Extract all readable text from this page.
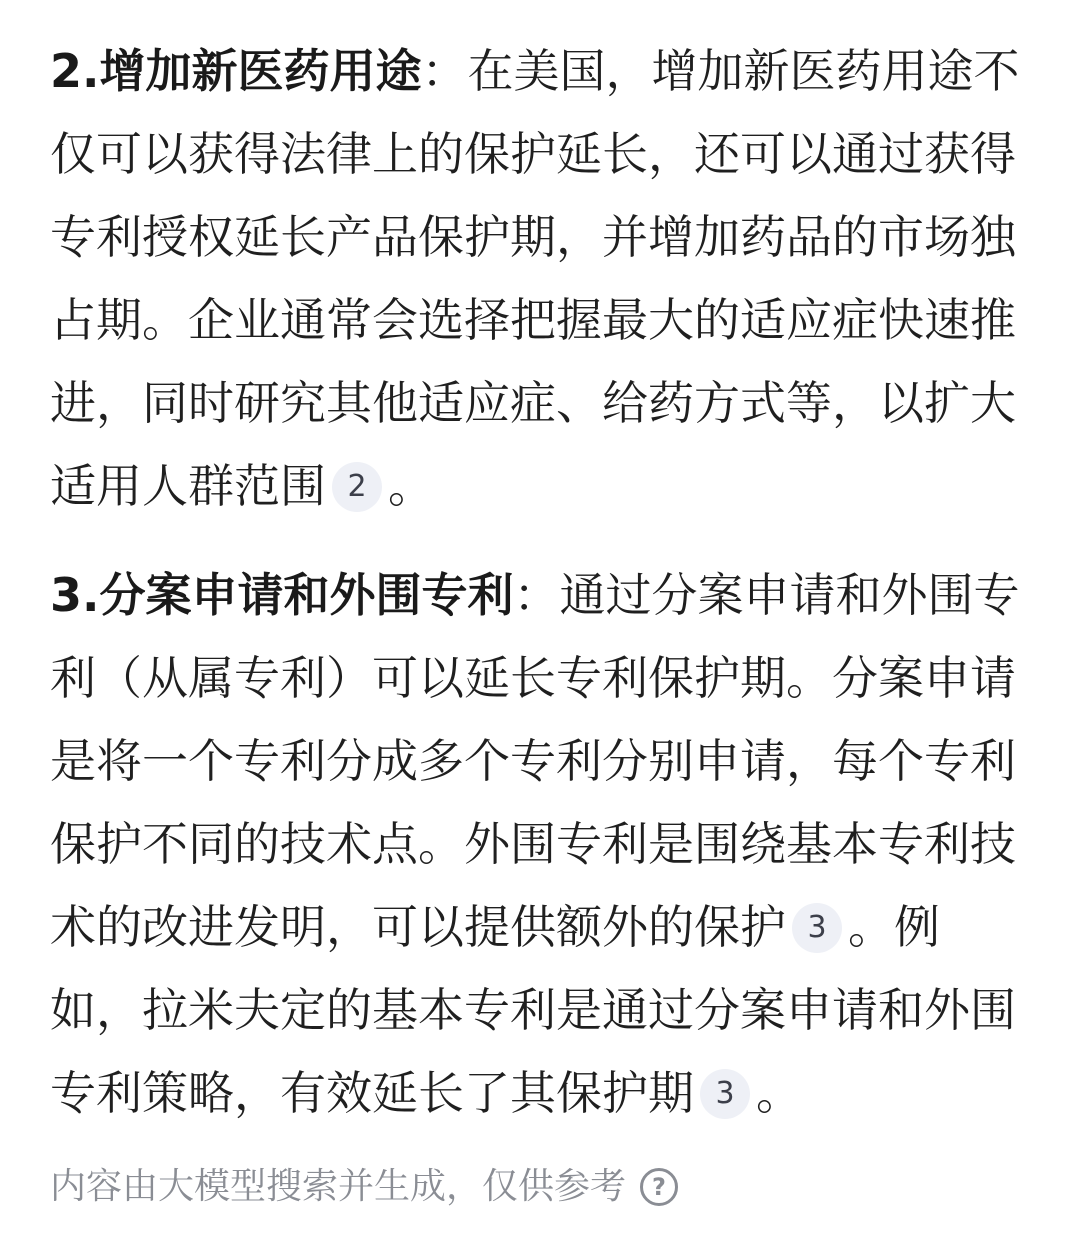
2.增加新医药用途：在美国，增加新医药用途不仅可以获得法律上的保护延长，还可以通过获得专利授权延长产品保护期，并增加药品的市场独占期。企业通常会选择把握最大的适应症快速推进，同时研究其他适应症、给药方式等，以扩大适用人群范围 2 。

3.分案申请和外围专利：通过分案申请和外围专利（从属专利）可以延长专利保护期。分案申请是将一个专利分成多个专利分别申请，每个专利保护不同的技术点。外围专利是围绕基本专利技术的改进发明，可以提供额外的保护 3 。例如，拉米夫定的基本专利是通过分案申请和外围专利策略，有效延长了其保护期 3 。

内容由大模型搜索并生成，仅供参考	?
